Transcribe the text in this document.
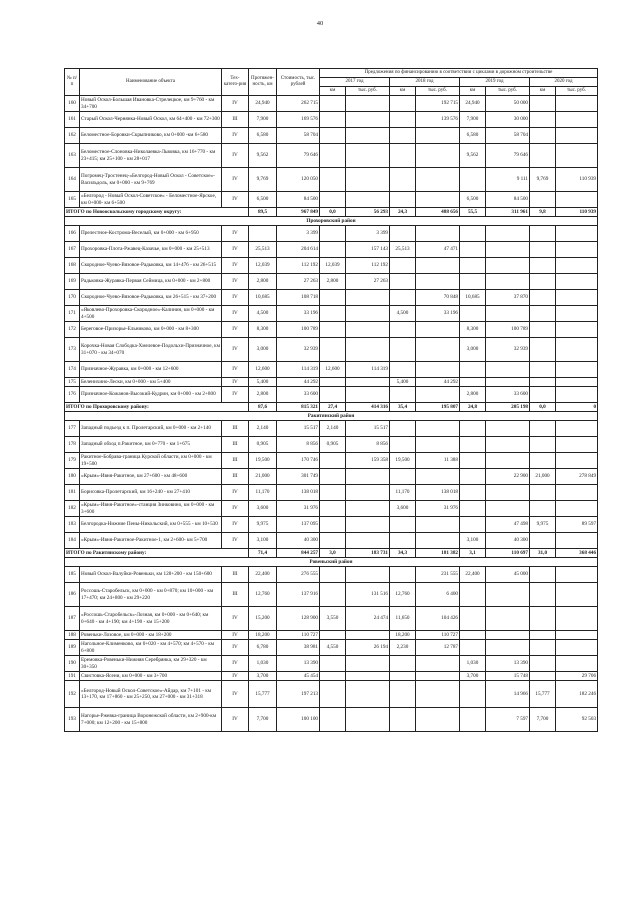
40
№ п/п	Наименование объекта	Тех-катего-рия	Протяжен-ность, км	Стоимость, тыс. рублей	Предложения по финансированию в соответствии с циклами в дорожном строительстве							
					2017 год		2018 год		2019 год		2020 год	
					км	тыс. руб.	км	тыс. руб.	км	тыс. руб.	км	тыс. руб.
160	Новый Оскол-Большая Ивановка-Стрелецкое, км 9+760 - км 34+700	IV	24,940	262 715				192 715	24,940	50 000		
161	Старый Оскол-Чернянка-Новый Оскол, км 64+400 - км 72+300	III	7,900	169 576				139 576	7,900	30 000		
162	Беломестное-Боровки-Скрыпниково, км 0+000 -км 6+580	IV	6,580	58 704					6,580	58 704		
163	Беломестное-Слоновка-Николаевка-Львовка, км 16+770 - км 23+415; км 25+100 - км 28+017	IV	9,562	79 646					9,562	79 646		
164	Погромец-Тростенец-«Белгород-Новый Оскол - Советское»-Васильдоль, км 0+000 - км 9+769	IV	9,769	120 050						9 111	9,769	110 939
165	«Белгород - Новый Оскол-Советское» - Беломестное-Ярское, км 0+000- км 6+500	IV	6,500	84 500					6,500	84 500		
ИТОГО по Новооскольскому городскому округу:			89,5	967 849	0,0	56 293	24,3	488 656	55,5	311 961	9,8	110 939
Прохоровский район												
166	Прелестное-Кострома-Веселый, км 0+000 - км 6+950	IV		3 399		3 399						
167	Прохоровка-Плота-Ржавец-Казачье, км 0+000 - км 25+513	IV	25,513	204 614		157 143	25,513	47 471				
168	Скородное-Чуево-Вязовое-Радьковка, км 14+476 - км 26+515	IV	12,039	112 192	12,039	112 192						
169	Радьковка-Журавка-Первая Сеймица, км 0+000 - км 2+800	IV	2,800	27 263	2,800	27 263						
170	Скородное-Чуево-Вязовое-Радьковка, км 26+515 - км 37+200	IV	10,685	108 718				70 848	10,685	37 870		
171	«Яковлево-Прохоровка-Скородное»-Калинин, км 0+000 - км 4+500	IV	4,500	33 196			4,500	33 196				
172	Береговое-Призорье-Ельниково, км 0+000 - км 8+300	IV	8,300	100 789					8,300	100 789		
173	Корочка-Новая Слободка-Хмелевое-Подольхи-Призначное, км 31+070 - км 34+070	IV	3,000	32 939					3,000	32 939		
174	Призначное-Журавка, км 0+000 - км 12+600	IV	12,600	114 319	12,600	114 319						
175	Беленихино-Лески, км 0+000 - км 5+400	IV	5,400	44 292			5,400	44 292				
176	Призначное-Кожанов-Высокий-Кудрин, км 0+000 - км 2+800	IV	2,800	33 600					2,800	33 600		
ИТОГО по Прохоровскому району:			87,6	815 321	27,4	414 316	35,4	195 807	24,8	205 198	0,0	0
Ракитянский район												
177	Западный подъезд к п. Пролетарский, км 0+000 - км 2+140	III	2,140	15 517	2,140	15 517						
178	Западный обход п.Ракитное, км 0+770 - км 1+675	III	0,905	8 856	0,905	8 856						
179	Ракитное-Бобрава-граница Курской области, км 0+000 - км 19+500	III	19,500	170 746		159 358	19,500	11 388				
180	«Крым»-Ивня-Ракитное, км 27+600 - км 48+600	III	21,000	301 749						22 900	21,000	278 849
181	Борисовка-Пролетарский, км 16+240 - км 27+410	IV	11,170	138 018			11,170	138 018				
182	«Крым»-Ивня-Ракитное»-станция Зинковино, км 0+000 - км 3+600	IV	3,600	31 976			3,600	31 976				
183	Белгородка-Нижние Пены-Никольский, км 0+555 - км 10+530	IV	9,975	137 095						47 498	9,975	89 597
184	«Крым»-Ивня-Ракитное-Ракитное-1, км 2+600- км 5+700	IV	3,100	40 300					3,100	40 300		
ИТОГО по Ракитянскому району:			71,4	844 257	3,0	183 731	34,3	181 382	3,1	110 697	31,0	368 446
Ровеньский район												
185	Новый Оскол-Валуйки-Ровеньки, км 128+200 - км 150+600	III	22,400	276 555				231 555	22,400	45 000		
186	Россошь-Старобельск, км 0+000 - км 0+870; км 10+000 - км 17+470; км 24+800 - км 29+220	III	12,760	137 916		131 516	12,760	6 400				
187	«Россошь-Старобельск»-Лозная, км 0+000 - км 0+640; км 0+640 - км 4+190; км 4+190 - км 15+200	IV	15,200	128 900	3,550	24 474	11,650	104 426				
188	Ровеньки-Лозовое, км 0+000 - км 18+200	IV	18,200	110 727			18,200	110 727				
189	Нагольное-Клименково, км 0+020 - км 4+570; км 4+570 - км 6+800	IV	6,780	38 981	4,550	26 194	2,230	12 787				
190	Еремовка-Ровеньки-Нижняя Серебрянка, км 29+320 - км 30+350	IV	1,030	13 390					1,030	13 390		
191	Свистовка-Ясени, км 0+000 - км 3+700	IV	3,700	45 454					3,700	15 748		29 706
192	«Белгород-Новый Оскол-Советское»-Айдар, км 7+101 - км 13+170, км 17+860 - км 25+250, км 27+000 - км 31+318	IV	15,777	197 213						14 966	15,777	182 246
193	Нагорье-Ржевка-граница Воронежской области, км 2+900-км 7+000; км 12+200 - км 15+800	IV	7,700	100 100						7 597	7,700	92 503
